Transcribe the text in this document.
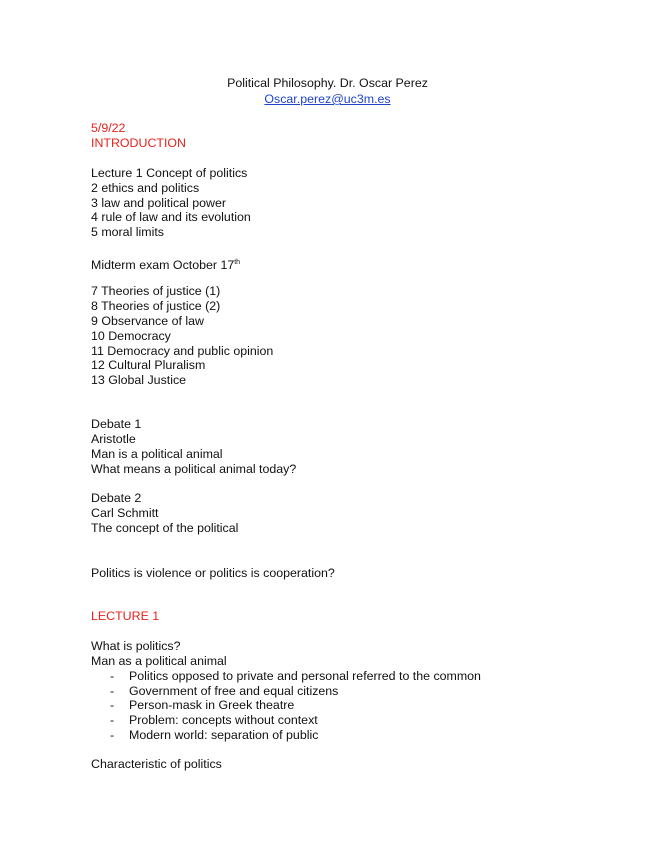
Political Philosophy. Dr. Oscar Perez
Oscar.perez@uc3m.es
5/9/22
INTRODUCTION
Lecture 1 Concept of politics
2 ethics and politics
3 law and political power
4 rule of law and its evolution
5 moral limits
Midterm exam October 17th
7 Theories of justice (1)
8 Theories of justice (2)
9 Observance of law
10 Democracy
11 Democracy and public opinion
12 Cultural Pluralism
13 Global Justice
Debate 1
Aristotle
Man is a political animal
What means a political animal today?
Debate 2
Carl Schmitt
The concept of the political
Politics is violence or politics is cooperation?
LECTURE 1
What is politics?
Man as a political animal
- Politics opposed to private and personal referred to the common
- Government of free and equal citizens
- Person-mask in Greek theatre
- Problem: concepts without context
- Modern world: separation of public
Characteristic of politics
